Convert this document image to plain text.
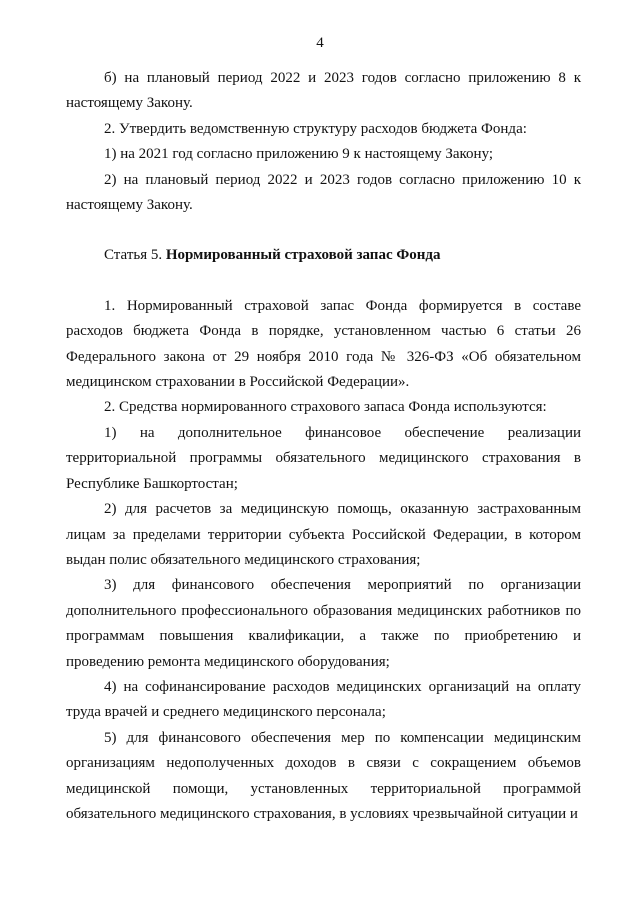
4

б) на плановый период 2022 и 2023 годов согласно приложению 8 к настоящему Закону.

2. Утвердить ведомственную структуру расходов бюджета Фонда:

1) на 2021 год согласно приложению 9 к настоящему Закону;

2) на плановый период 2022 и 2023 годов согласно приложению 10 к настоящему Закону.

Статья 5. Нормированный страховой запас Фонда

1. Нормированный страховой запас Фонда формируется в составе расходов бюджета Фонда в порядке, установленном частью 6 статьи 26 Федерального закона от 29 ноября 2010 года № 326-ФЗ «Об обязательном медицинском страховании в Российской Федерации».

2. Средства нормированного страхового запаса Фонда используются:

1) на дополнительное финансовое обеспечение реализации территориальной программы обязательного медицинского страхования в Республике Башкортостан;

2) для расчетов за медицинскую помощь, оказанную застрахованным лицам за пределами территории субъекта Российской Федерации, в котором выдан полис обязательного медицинского страхования;

3) для финансового обеспечения мероприятий по организации дополнительного профессионального образования медицинских работников по программам повышения квалификации, а также по приобретению и проведению ремонта медицинского оборудования;

4) на софинансирование расходов медицинских организаций на оплату труда врачей и среднего медицинского персонала;

5) для финансового обеспечения мер по компенсации медицинским организациям недополученных доходов в связи с сокращением объемов медицинской помощи, установленных территориальной программой обязательного медицинского страхования, в условиях чрезвычайной ситуации и
